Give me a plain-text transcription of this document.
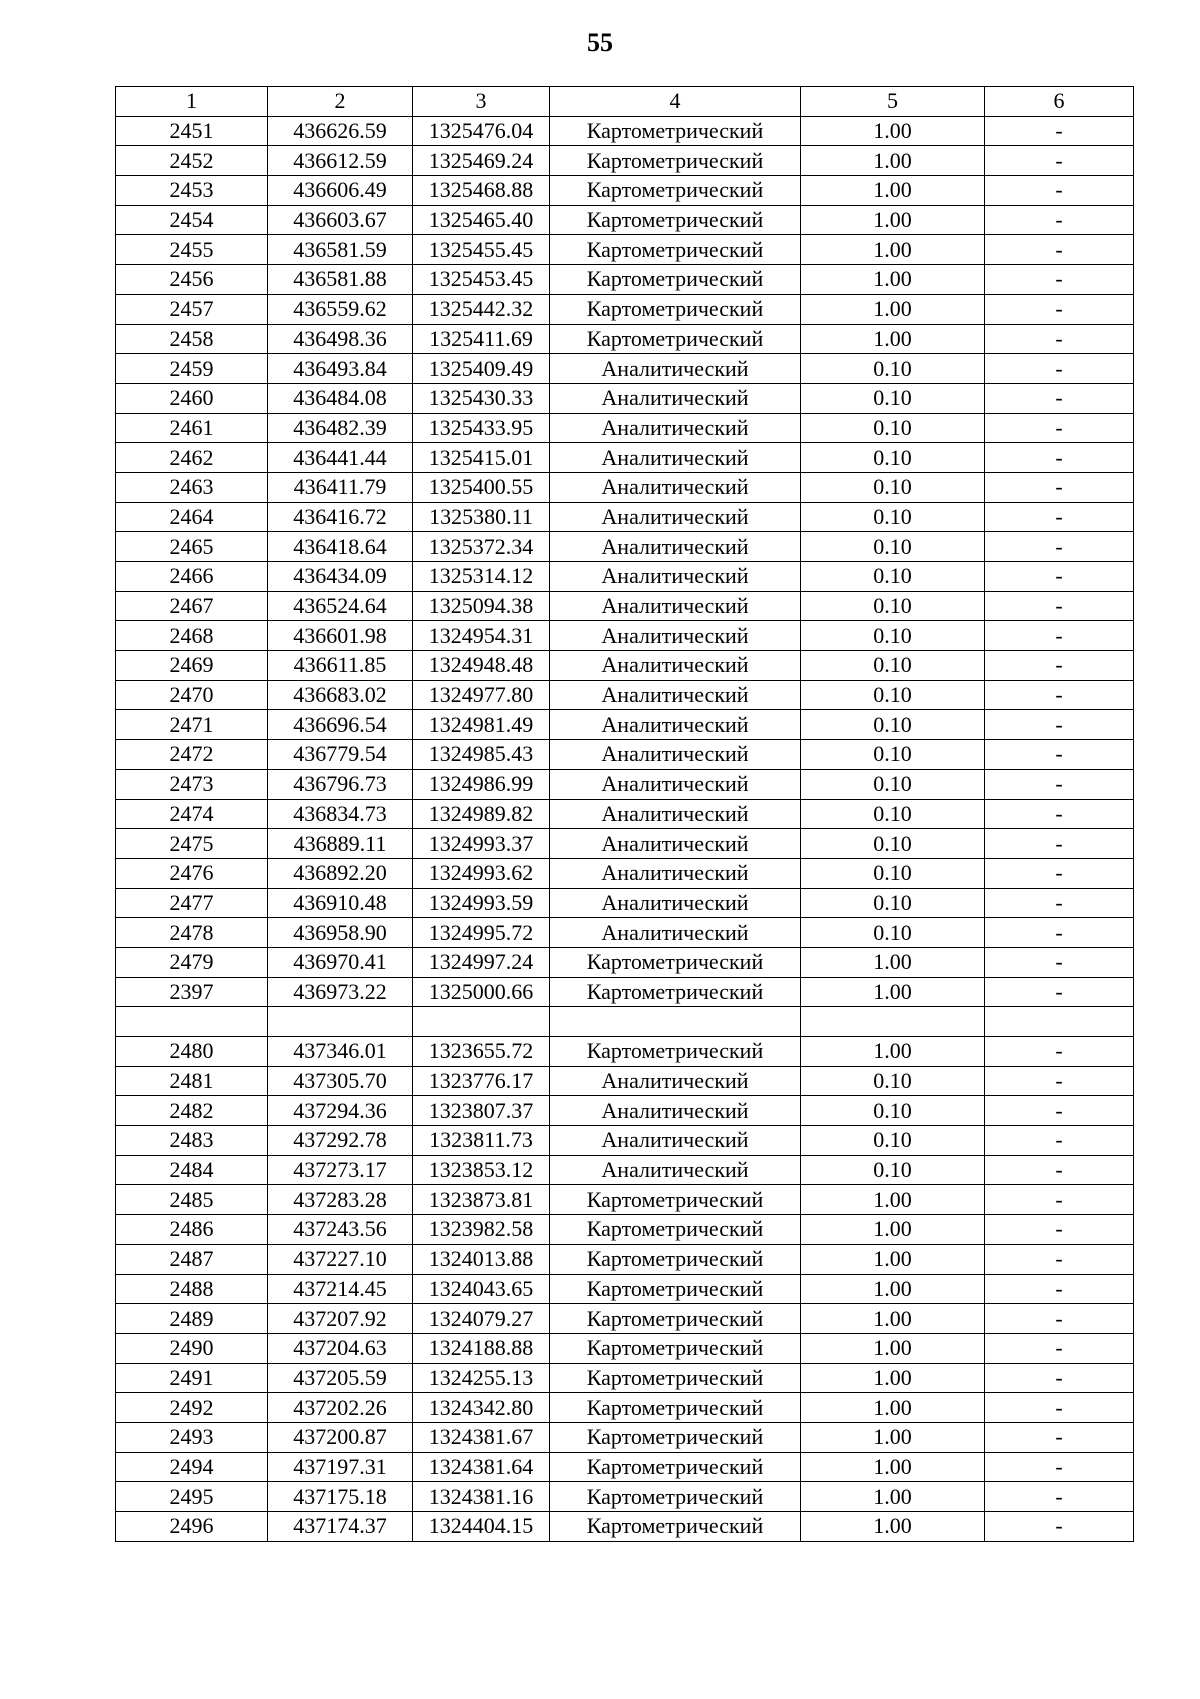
55
1	2	3	4	5	6
2451	436626.59	1325476.04	Картометрический	1.00	-
2452	436612.59	1325469.24	Картометрический	1.00	-
2453	436606.49	1325468.88	Картометрический	1.00	-
2454	436603.67	1325465.40	Картометрический	1.00	-
2455	436581.59	1325455.45	Картометрический	1.00	-
2456	436581.88	1325453.45	Картометрический	1.00	-
2457	436559.62	1325442.32	Картометрический	1.00	-
2458	436498.36	1325411.69	Картометрический	1.00	-
2459	436493.84	1325409.49	Аналитический	0.10	-
2460	436484.08	1325430.33	Аналитический	0.10	-
2461	436482.39	1325433.95	Аналитический	0.10	-
2462	436441.44	1325415.01	Аналитический	0.10	-
2463	436411.79	1325400.55	Аналитический	0.10	-
2464	436416.72	1325380.11	Аналитический	0.10	-
2465	436418.64	1325372.34	Аналитический	0.10	-
2466	436434.09	1325314.12	Аналитический	0.10	-
2467	436524.64	1325094.38	Аналитический	0.10	-
2468	436601.98	1324954.31	Аналитический	0.10	-
2469	436611.85	1324948.48	Аналитический	0.10	-
2470	436683.02	1324977.80	Аналитический	0.10	-
2471	436696.54	1324981.49	Аналитический	0.10	-
2472	436779.54	1324985.43	Аналитический	0.10	-
2473	436796.73	1324986.99	Аналитический	0.10	-
2474	436834.73	1324989.82	Аналитический	0.10	-
2475	436889.11	1324993.37	Аналитический	0.10	-
2476	436892.20	1324993.62	Аналитический	0.10	-
2477	436910.48	1324993.59	Аналитический	0.10	-
2478	436958.90	1324995.72	Аналитический	0.10	-
2479	436970.41	1324997.24	Картометрический	1.00	-
2397	436973.22	1325000.66	Картометрический	1.00	-

2480	437346.01	1323655.72	Картометрический	1.00	-
2481	437305.70	1323776.17	Аналитический	0.10	-
2482	437294.36	1323807.37	Аналитический	0.10	-
2483	437292.78	1323811.73	Аналитический	0.10	-
2484	437273.17	1323853.12	Аналитический	0.10	-
2485	437283.28	1323873.81	Картометрический	1.00	-
2486	437243.56	1323982.58	Картометрический	1.00	-
2487	437227.10	1324013.88	Картометрический	1.00	-
2488	437214.45	1324043.65	Картометрический	1.00	-
2489	437207.92	1324079.27	Картометрический	1.00	-
2490	437204.63	1324188.88	Картометрический	1.00	-
2491	437205.59	1324255.13	Картометрический	1.00	-
2492	437202.26	1324342.80	Картометрический	1.00	-
2493	437200.87	1324381.67	Картометрический	1.00	-
2494	437197.31	1324381.64	Картометрический	1.00	-
2495	437175.18	1324381.16	Картометрический	1.00	-
2496	437174.37	1324404.15	Картометрический	1.00	-
